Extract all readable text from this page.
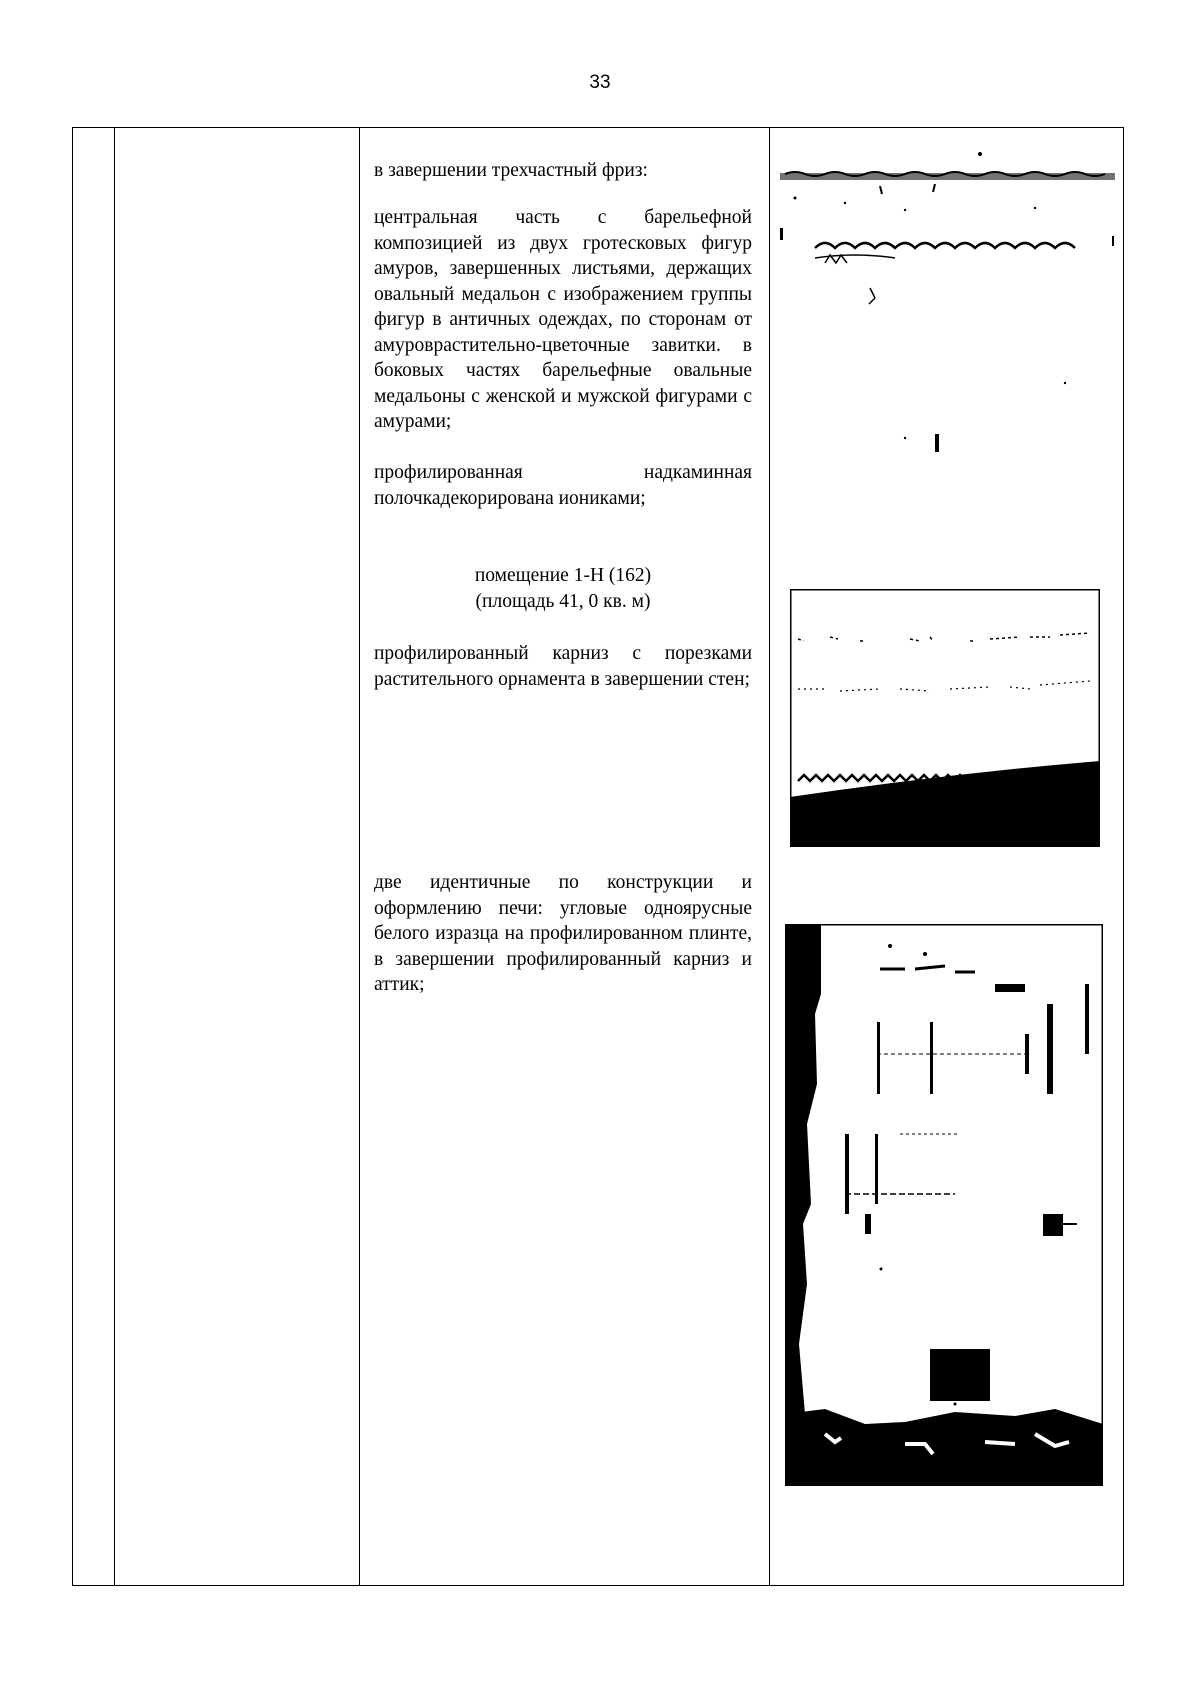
33
в завершении трехчастный фриз:
центральная часть с барельефной композицией из двух гротесковых фигур амуров, завершенных листьями, держащих овальный медальон с изображением группы фигур в античных одеждах, по сторонам от амуровраститeльно-цветочные завитки. в боковых частях барельефные овальные медальоны с женской и мужской фигурами с амурами;
профилированная надкаминная полочкадекорирована иониками;
помещение 1-Н (162)
(площадь 41, 0 кв. м)
профилированный карниз с порезками растительного орнамента в завершении стен;
две идентичные по конструкции и оформлению печи: угловые одноярусные белого изразца на профилированном плинте, в завершении профилированный карниз и аттик;
